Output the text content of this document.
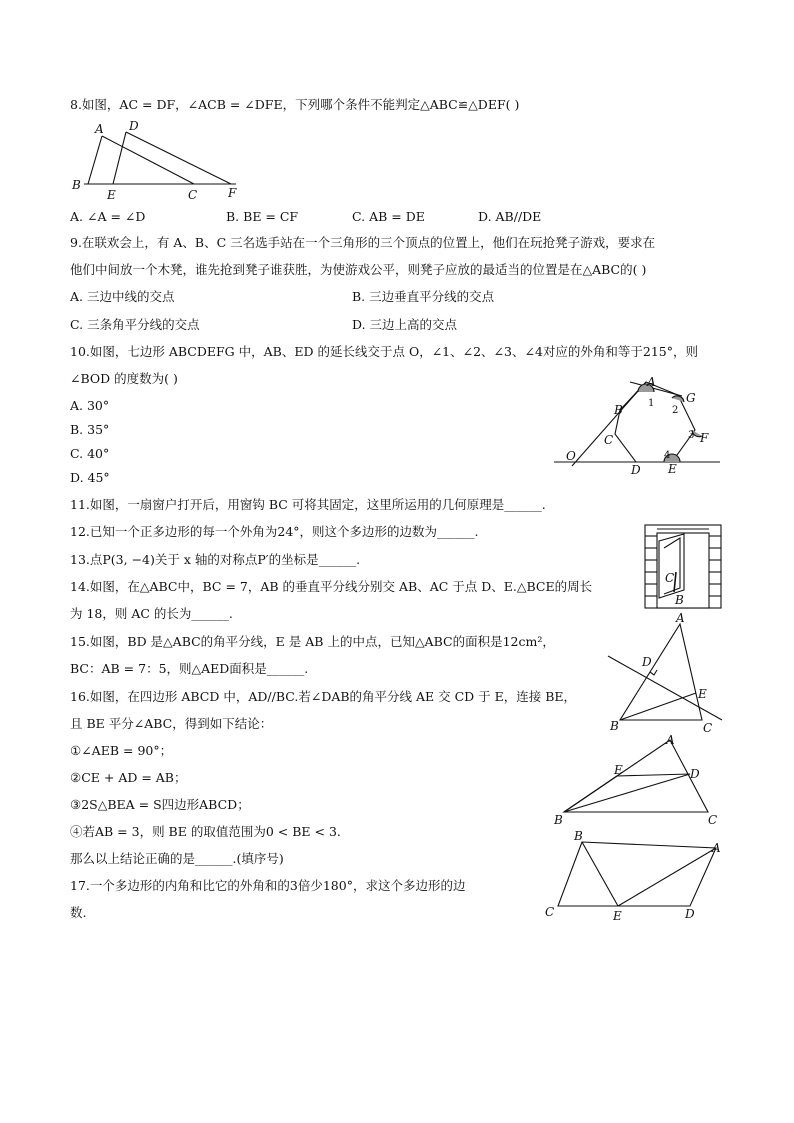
8.如图，AC = DF，∠ACB = ∠DFE，下列哪个条件不能判定△ABC≌△DEF( )
A D
B
E	C	F
A. ∠A = ∠D	B. BE = CF	C. AB = DE	D. AB//DE
9.在联欢会上，有 A、B、C 三名选手站在一个三角形的三个顶点的位置上，他们在玩抢凳子游戏，要求在
他们中间放一个木凳，谁先抢到凳子谁获胜，为使游戏公平，则凳子应放的最适当的位置是在△ABC的( )
A. 三边中线的交点	B. 三边垂直平分线的交点
C. 三条角平分线的交点	D. 三边上高的交点
10.如图，七边形 ABCDEFG 中，AB、ED 的延长线交于点 O，∠1、∠2、∠3、∠4对应的外角和等于215°，则
∠BOD 的度数为( )
A. 30°
B. 35°
C. 40°
D. 45°
A
G
B
F
C
O
D E
1
2
3
4
11.如图，一扇窗户打开后，用窗钩 BC 可将其固定，这里所运用的几何原理是______.
C
B
12.已知一个正多边形的每一个外角为24°，则这个多边形的边数为______.
13.点P(3, −4)关于 x 轴的对称点P′的坐标是______.
14.如图，在△ABC中，BC = 7，AB 的垂直平分线分别交 AB、AC 于点 D、E.△BCE的周长
为 18，则 AC 的长为______.	A
D
E
B	C
15.如图，BD 是△ABC的角平分线，E 是 AB 上的中点，已知△ABC的面积是12cm²，
BC：AB = 7：5，则△AED面积是______.
A
E	D
B	C
16.如图，在四边形 ABCD 中，AD//BC.若∠DAB的角平分线 AE 交 CD 于 E，连接 BE，
且 BE 平分∠ABC，得到如下结论：
①∠AEB = 90°；
②CE + AD = AB；
③2S△BEA = S四边形ABCD；
④若AB = 3，则 BE 的取值范围为0 < BE < 3.
那么以上结论正确的是______.(填序号)
B
A
C	E	D
17.一个多边形的内角和比它的外角和的3倍少180°，求这个多边形的边
数.
